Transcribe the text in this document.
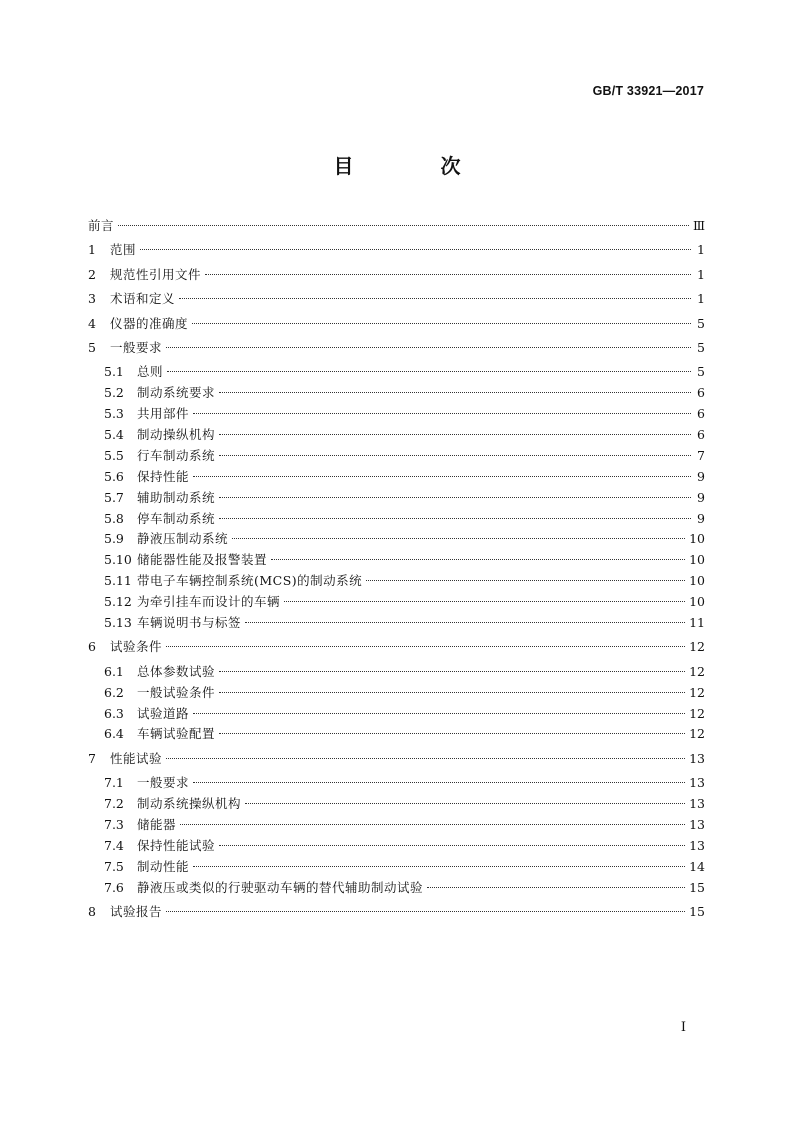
GB/T 33921—2017
目 次
前言	Ⅲ
1	范围	1
2	规范性引用文件	1
3	术语和定义	1
4	仪器的准确度	5
5	一般要求	5
5.1	总则	5
5.2	制动系统要求	6
5.3	共用部件	6
5.4	制动操纵机构	6
5.5	行车制动系统	7
5.6	保持性能	9
5.7	辅助制动系统	9
5.8	停车制动系统	9
5.9	静液压制动系统	10
5.10 储能器性能及报警装置	10
5.11 带电子车辆控制系统(MCS)的制动系统	10
5.12 为牵引挂车而设计的车辆	10
5.13 车辆说明书与标签	11
6	试验条件	12
6.1	总体参数试验	12
6.2	一般试验条件	12
6.3	试验道路	12
6.4	车辆试验配置	12
7	性能试验	13
7.1	一般要求	13
7.2	制动系统操纵机构	13
7.3	储能器	13
7.4	保持性能试验	13
7.5	制动性能	14
7.6	静液压或类似的行驶驱动车辆的替代辅助制动试验	15
8	试验报告	15
I
